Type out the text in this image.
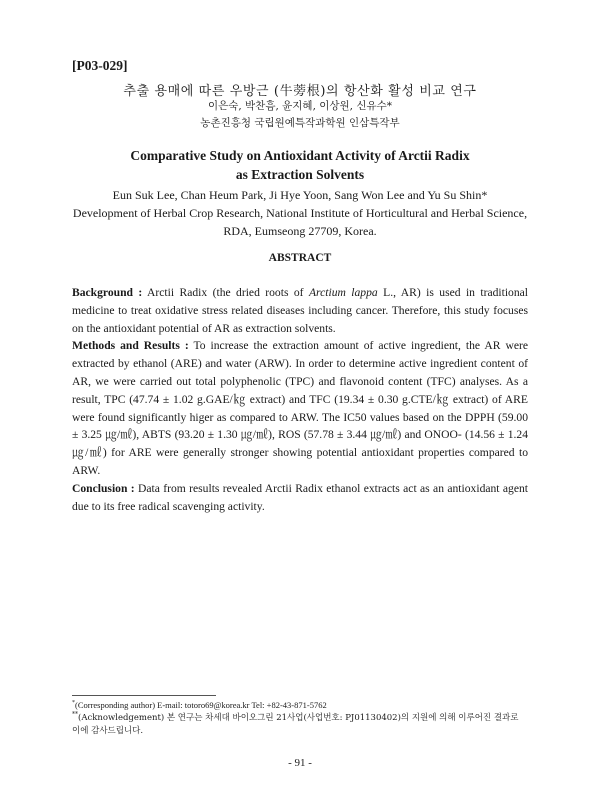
[P03-029]
추출 용매에 따른 우방근 (牛蒡根)의 항산화 활성 비교 연구
이은숙, 박찬흠, 윤지혜, 이상원, 신유수*
농촌진흥청 국립원예특작과학원 인삼특작부
Comparative Study on Antioxidant Activity of Arctii Radix
as Extraction Solvents
Eun Suk Lee, Chan Heum Park, Ji Hye Yoon, Sang Won Lee and Yu Su Shin*
Development of Herbal Crop Research, National Institute of Horticultural and Herbal Science,
RDA, Eumseong 27709, Korea.
ABSTRACT

Background : Arctii Radix (the dried roots of Arctium lappa L., AR) is used in traditional medicine to treat oxidative stress related diseases including cancer. Therefore, this study focuses on the antioxidant potential of AR as extraction solvents.

Methods and Results : To increase the extraction amount of active ingredient, the AR were extracted by ethanol (ARE) and water (ARW). In order to determine active ingredient content of AR, we were carried out total polyphenolic (TPC) and flavonoid content (TFC) analyses. As a result, TPC (47.74 ± 1.02 g.GAE/㎏ extract) and TFC (19.34 ± 0.30 g.CTE/㎏ extract) of ARE were found significantly higer as compared to ARW. The IC50 values based on the DPPH (59.00 ± 3.25 ㎍/㎖), ABTS (93.20 ± 1.30 ㎍/㎖), ROS (57.78 ± 3.44 ㎍/㎖) and ONOO- (14.56 ± 1.24 ㎍/㎖) for ARE were generally stronger showing potential antioxidant properties compared to ARW.

Conclusion : Data from results revealed Arctii Radix ethanol extracts act as an antioxidant agent due to its free radical scavenging activity.

*(Corresponding author) E-mail: totoro69@korea.kr Tel: +82-43-871-5762
**(Acknowledgement) 본 연구는 차세대 바이오그린 21사업(사업번호: PJ01130402)의 지원에 의해 이루어진 결과로 이에 감사드립니다.
- 91 -
